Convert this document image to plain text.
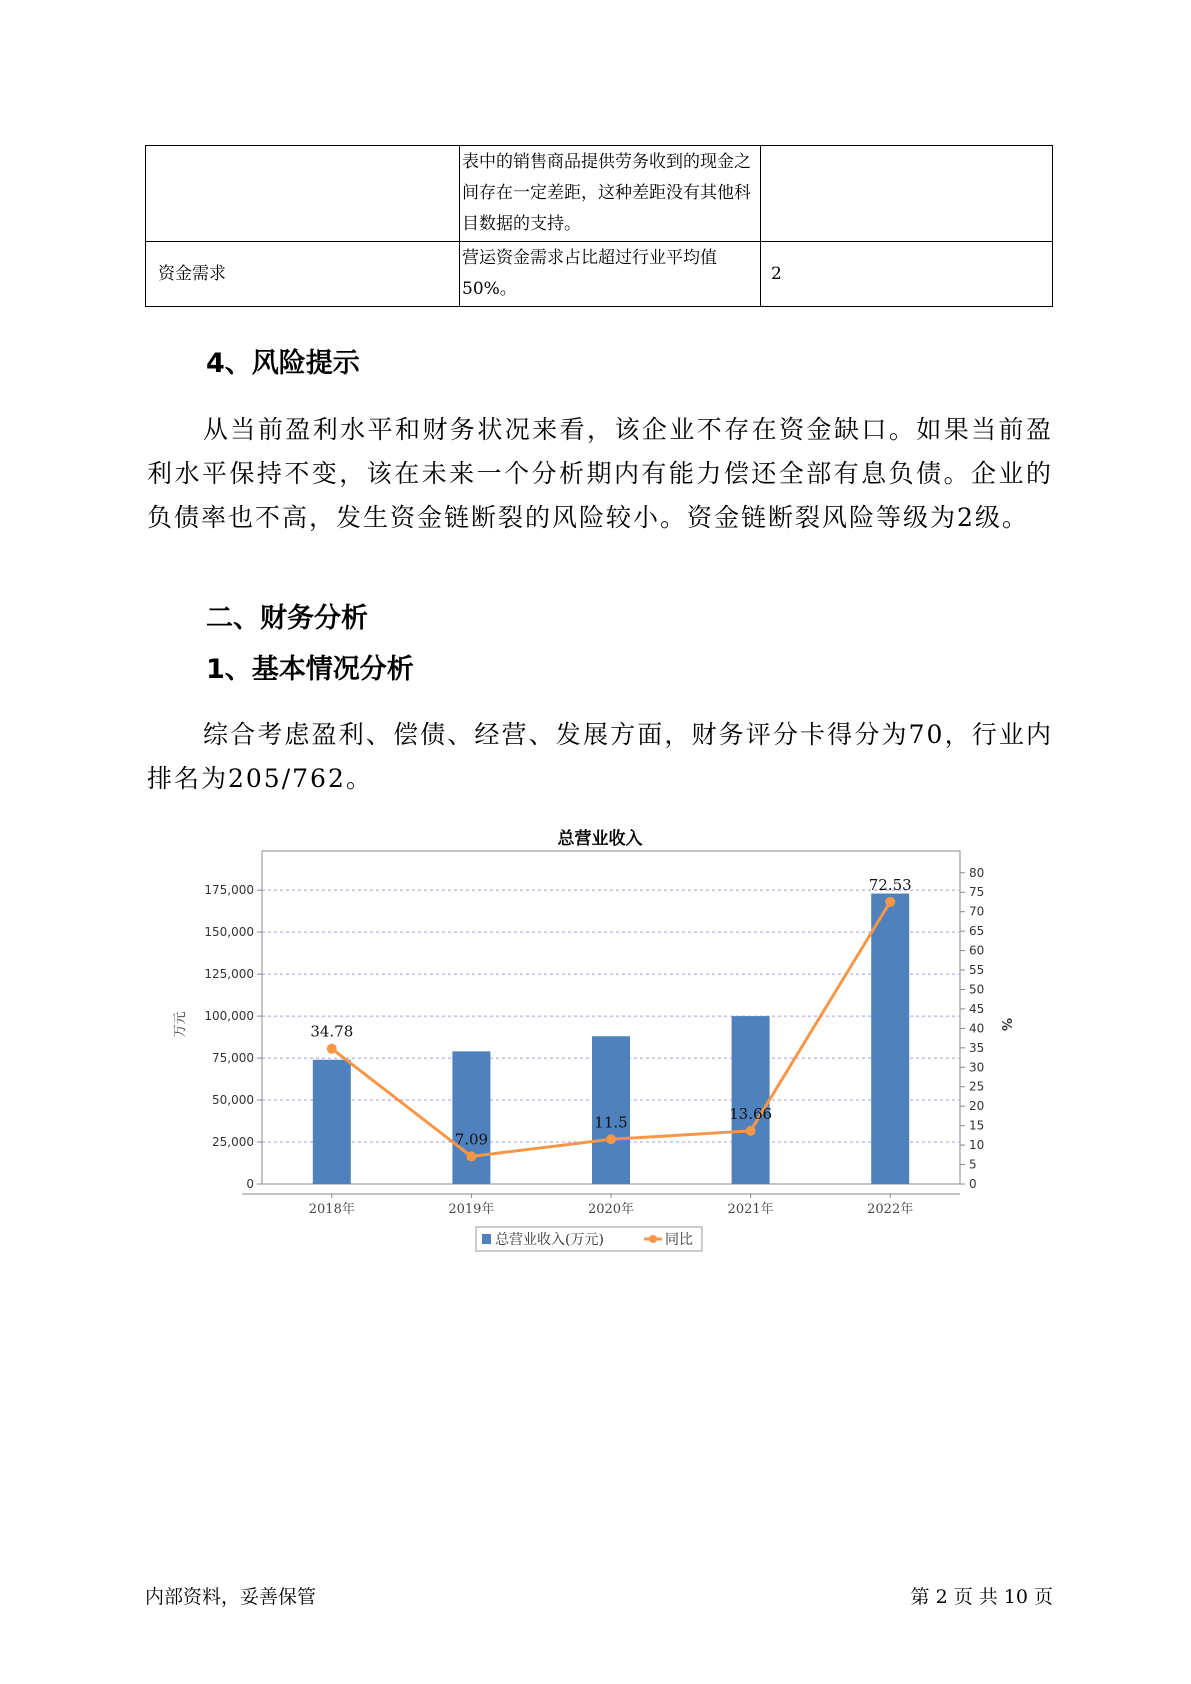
	表中的销售商品提供劳务收到的现金之间存在一定差距，这种差距没有其他科目数据的支持。	
资金需求	营运资金需求占比超过行业平均值50%。	2
4、风险提示
从当前盈利水平和财务状况来看，该企业不存在资金缺口。如果当前盈利水平保持不变，该在未来一个分析期内有能力偿还全部有息负债。企业的负债率也不高，发生资金链断裂的风险较小。资金链断裂风险等级为2级。
二、财务分析
1、基本情况分析
综合考虑盈利、偿债、经营、发展方面，财务评分卡得分为70，行业内排名为205/762。
总营业收入
0
25,000
50,000
75,000
100,000
125,000
150,000
175,000
0
5
10
15
20
25
30
35
40
45
50
55
60
65
70
75
80
万元	%
2018年	2019年	2020年	2021年	2022年
34.78
7.09
11.5	13.66
72.53
总营业收入(万元)	同比
内部资料，妥善保管	第 2 页 共 10 页
